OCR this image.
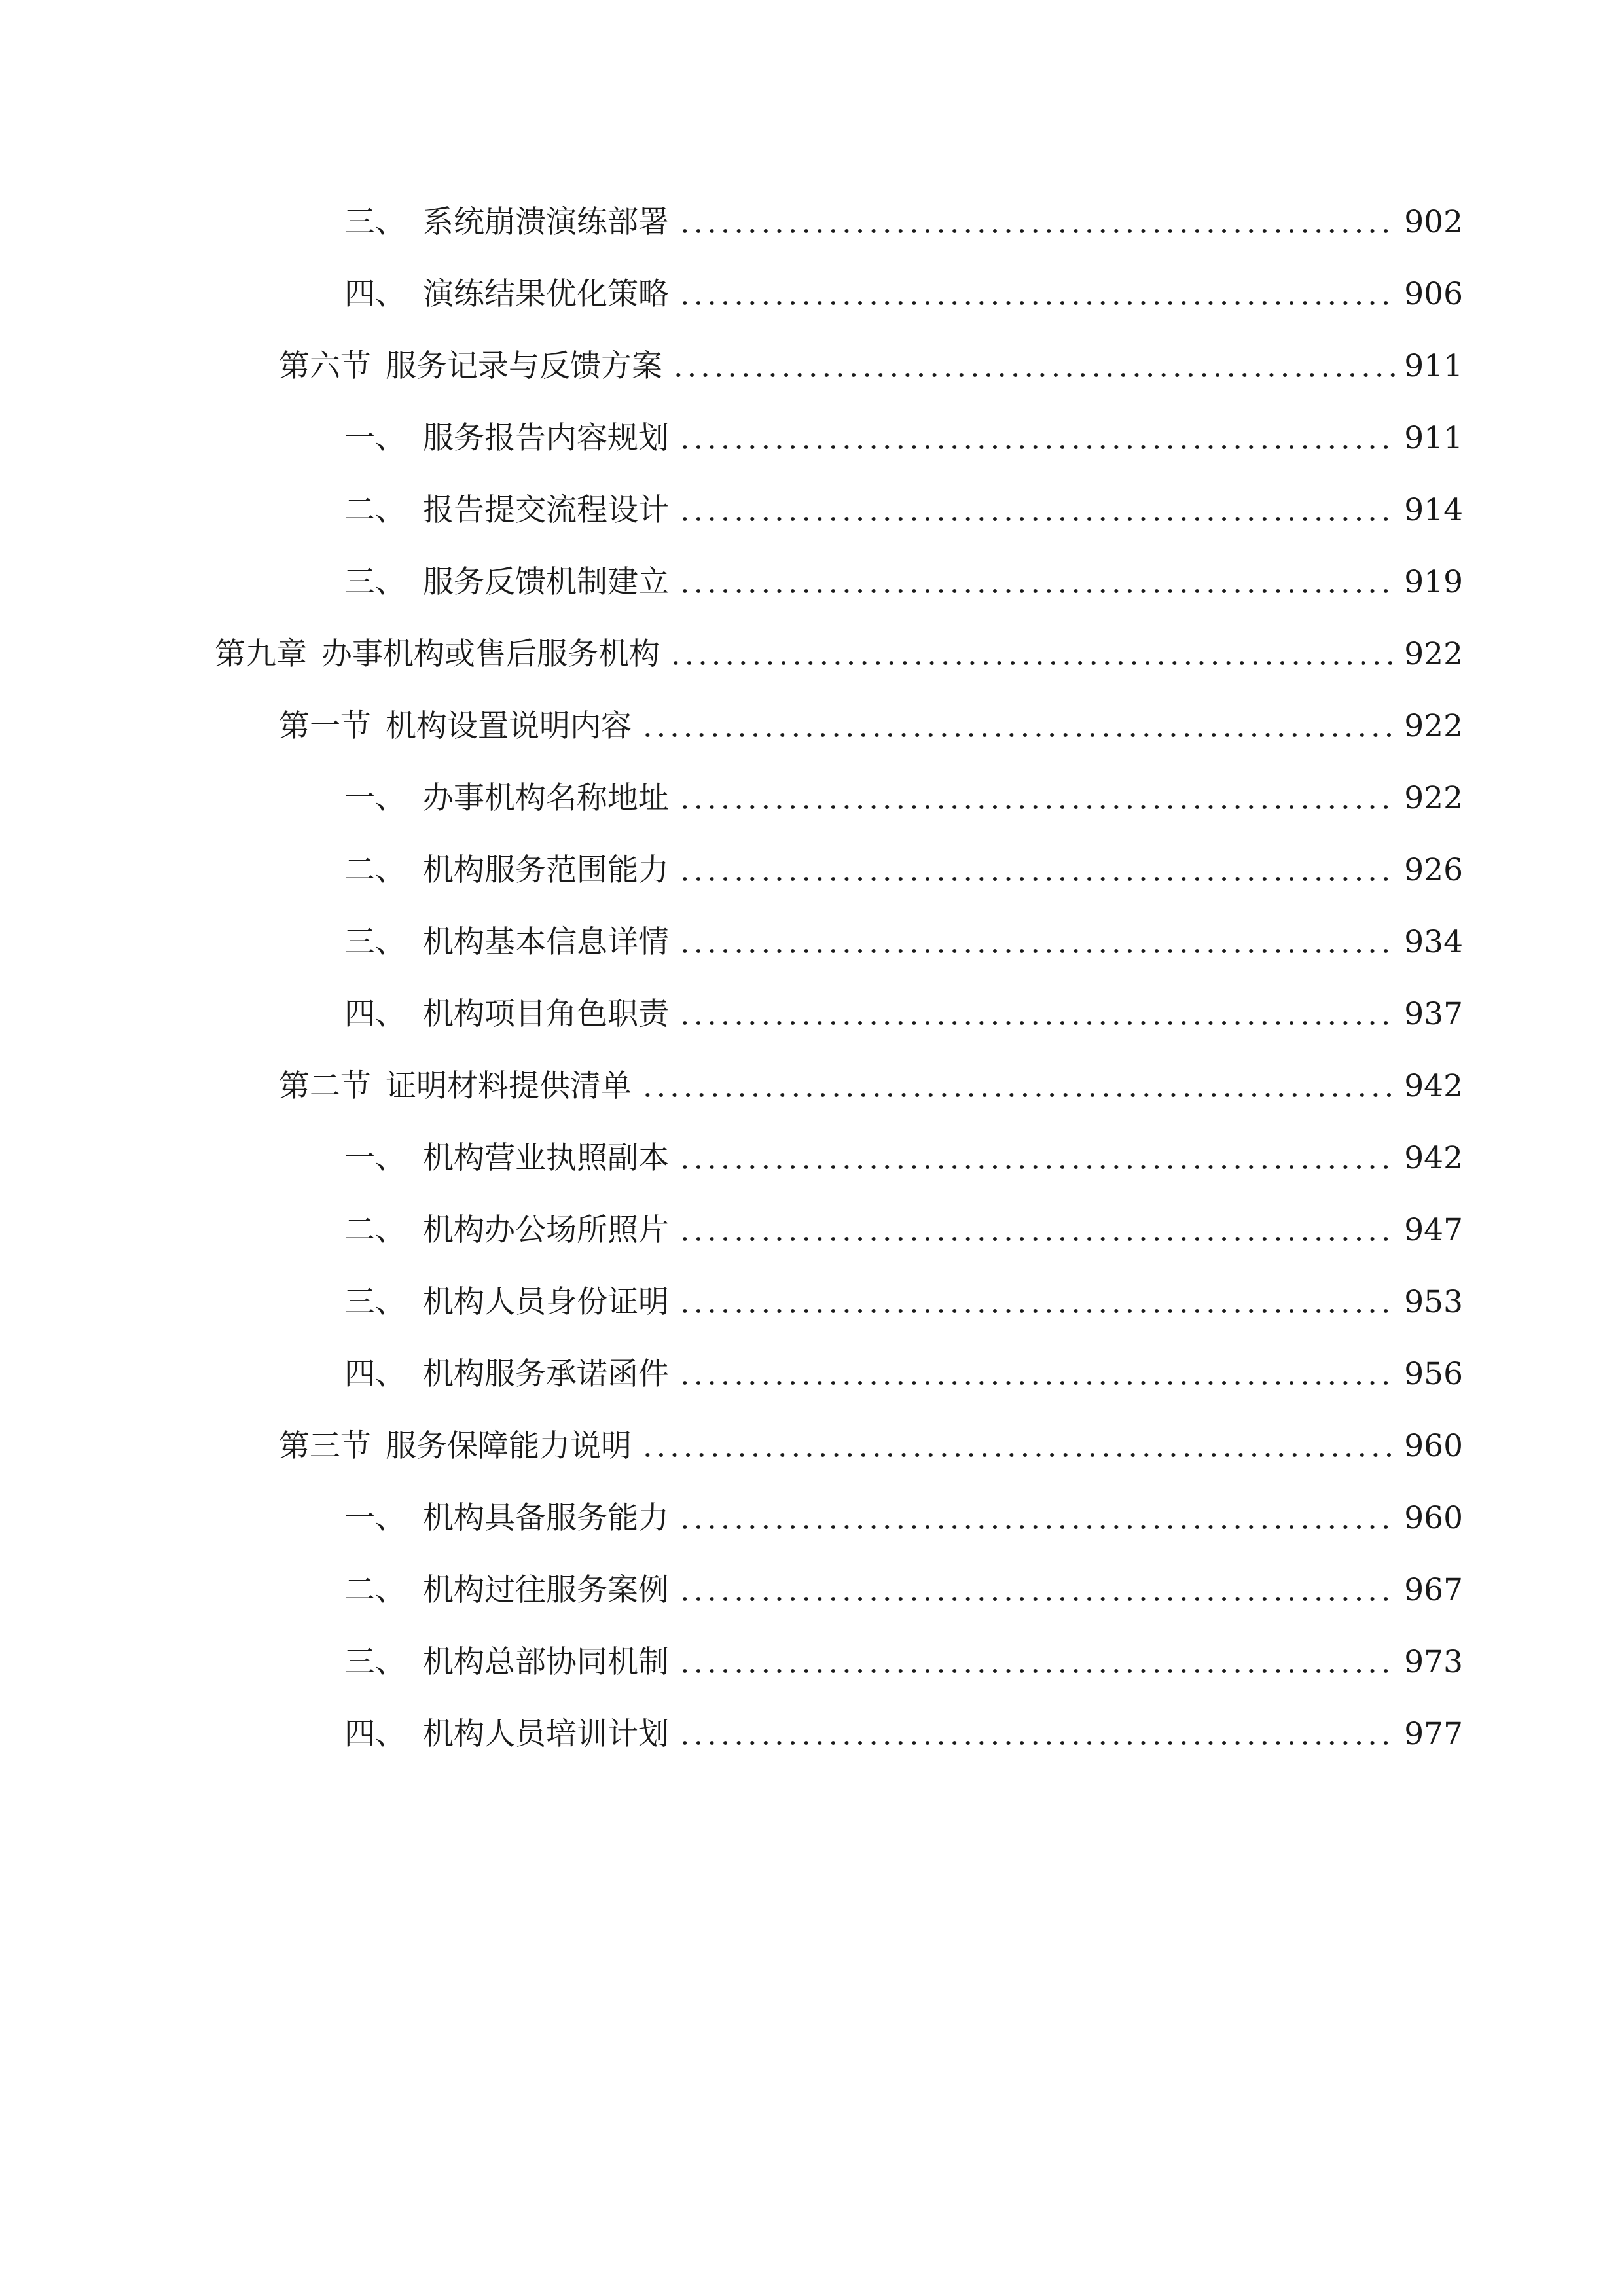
三、 系统崩溃演练部署	902
四、 演练结果优化策略	906
第六节 服务记录与反馈方案	911
一、 服务报告内容规划	911
二、 报告提交流程设计	914
三、 服务反馈机制建立	919
第九章 办事机构或售后服务机构	922
第一节 机构设置说明内容	922
一、 办事机构名称地址	922
二、 机构服务范围能力	926
三、 机构基本信息详情	934
四、 机构项目角色职责	937
第二节 证明材料提供清单	942
一、 机构营业执照副本	942
二、 机构办公场所照片	947
三、 机构人员身份证明	953
四、 机构服务承诺函件	956
第三节 服务保障能力说明	960
一、 机构具备服务能力	960
二、 机构过往服务案例	967
三、 机构总部协同机制	973
四、 机构人员培训计划	977
